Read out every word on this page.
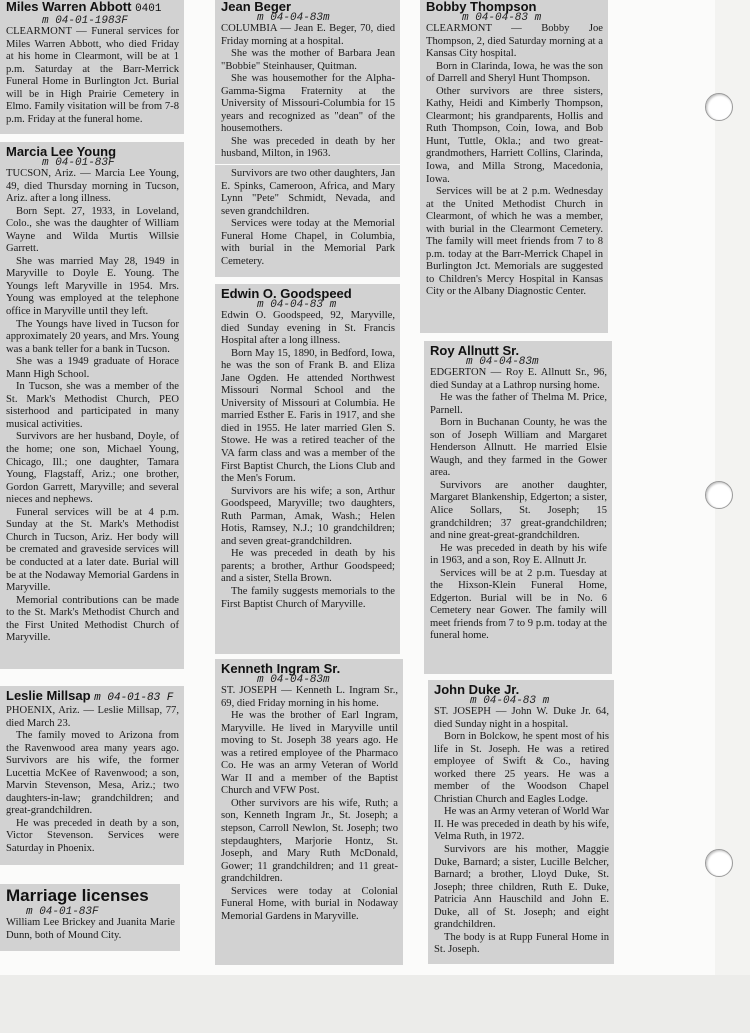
Miles Warren Abbott 0401
m 04-01-1983F

CLEARMONT — Funeral services for Miles Warren Abbott, who died Friday at his home in Clearmont, will be at 1 p.m. Saturday at the Barr-Merrick Funeral Home in Burlington Jct. Burial will be in High Prairie Cemetery in Elmo. Family visitation will be from 7-8 p.m. Friday at the funeral home.

Marcia Lee Young
m 04-01-83F

TUCSON, Ariz. — Marcia Lee Young, 49, died Thursday morning in Tucson, Ariz. after a long illness.

Born Sept. 27, 1933, in Loveland, Colo., she was the daughter of William Wayne and Wilda Murtis Willsie Garrett.

She was married May 28, 1949 in Maryville to Doyle E. Young. The Youngs left Maryville in 1954. Mrs. Young was employed at the telephone office in Maryville until they left.

The Youngs have lived in Tucson for approximately 20 years, and Mrs. Young was a bank teller for a bank in Tucson.

She was a 1949 graduate of Horace Mann High School.

In Tucson, she was a member of the St. Mark's Methodist Church, PEO sisterhood and participated in many musical activities.

Survivors are her husband, Doyle, of the home; one son, Michael Young, Chicago, Ill.; one daughter, Tamara Young, Flagstaff, Ariz.; one brother, Gordon Garrett, Maryville; and several nieces and nephews.

Funeral services will be at 4 p.m. Sunday at the St. Mark's Methodist Church in Tucson, Ariz. Her body will be cremated and graveside services will be conducted at a later date. Burial will be at the Nodaway Memorial Gardens in Maryville.

Memorial contributions can be made to the St. Mark's Methodist Church and the First United Methodist Church of Maryville.

Leslie Millsap m 04-01-83 F

PHOENIX, Ariz. — Leslie Millsap, 77, died March 23.

The family moved to Arizona from the Ravenwood area many years ago. Survivors are his wife, the former Lucettia McKee of Ravenwood; a son, Marvin Stevenson, Mesa, Ariz.; two daughters-in-law; grandchildren; and great-grandchildren.

He was preceded in death by a son, Victor Stevenson. Services were Saturday in Phoenix.

Marriage licenses
m 04-01-83F

William Lee Brickey and Juanita Marie Dunn, both of Mound City.

Jean Beger
m 04-04-83m

COLUMBIA — Jean E. Beger, 70, died Friday morning at a hospital.

She was the mother of Barbara Jean "Bobbie" Steinhauser, Quitman.

She was housemother for the Alpha-Gamma-Sigma Fraternity at the University of Missouri-Columbia for 15 years and recognized as "dean" of the housemothers.

She was preceded in death by her husband, Milton, in 1963.

Survivors are two other daughters, Jan E. Spinks, Cameroon, Africa, and Mary Lynn "Pete" Schmidt, Nevada, and seven grandchildren.

Services were today at the Memorial Funeral Home Chapel, in Columbia, with burial in the Memorial Park Cemetery.

Edwin O. Goodspeed
m 04-04-83 m

Edwin O. Goodspeed, 92, Maryville, died Sunday evening in St. Francis Hospital after a long illness.

Born May 15, 1890, in Bedford, Iowa, he was the son of Frank B. and Eliza Jane Ogden. He attended Northwest Missouri Normal School and the University of Missouri at Columbia. He married Esther E. Faris in 1917, and she died in 1955. He later married Glen S. Stowe. He was a retired teacher of the VA farm class and was a member of the First Baptist Church, the Lions Club and the Men's Forum.

Survivors are his wife; a son, Arthur Goodspeed, Maryville; two daughters, Ruth Parman, Amak, Wash.; Helen Hotis, Ramsey, N.J.; 10 grandchildren; and seven great-grandchildren.

He was preceded in death by his parents; a brother, Arthur Goodspeed; and a sister, Stella Brown.

The family suggests memorials to the First Baptist Church of Maryville.

Kenneth Ingram Sr.
m 04-04-83m

ST. JOSEPH — Kenneth L. Ingram Sr., 69, died Friday morning in his home.

He was the brother of Earl Ingram, Maryville. He lived in Maryville until moving to St. Joseph 38 years ago. He was a retired employee of the Pharmaco Co. He was an army Veteran of World War II and a member of the Baptist Church and VFW Post.

Other survivors are his wife, Ruth; a son, Kenneth Ingram Jr., St. Joseph; a stepson, Carroll Newlon, St. Joseph; two stepdaughters, Marjorie Hontz, St. Joseph, and Mary Ruth McDonald, Gower; 11 grandchildren; and 11 great-grandchildren.

Services were today at Colonial Funeral Home, with burial in Nodaway Memorial Gardens in Maryville.

Bobby Thompson
m 04-04-83 m

CLEARMONT — Bobby Joe Thompson, 2, died Saturday morning at a Kansas City hospital.

Born in Clarinda, Iowa, he was the son of Darrell and Sheryl Hunt Thompson.

Other survivors are three sisters, Kathy, Heidi and Kimberly Thompson, Clearmont; his grandparents, Hollis and Ruth Thompson, Coin, Iowa, and Bob Hunt, Tuttle, Okla.; and two great-grandmothers, Harriett Collins, Clarinda, Iowa, and Milla Strong, Macedonia, Iowa.

Services will be at 2 p.m. Wednesday at the United Methodist Church in Clearmont, of which he was a member, with burial in the Clearmont Cemetery. The family will meet friends from 7 to 8 p.m. today at the Barr-Merrick Chapel in Burlington Jct. Memorials are suggested to Children's Mercy Hospital in Kansas City or the Albany Diagnostic Center.

Roy Allnutt Sr.
m 04-04-83m

EDGERTON — Roy E. Allnutt Sr., 96, died Sunday at a Lathrop nursing home.

He was the father of Thelma M. Price, Parnell.

Born in Buchanan County, he was the son of Joseph William and Margaret Henderson Allnutt. He married Elsie Waugh, and they farmed in the Gower area.

Survivors are another daughter, Margaret Blankenship, Edgerton; a sister, Alice Sollars, St. Joseph; 15 grandchildren; 37 great-grandchildren; and nine great-great-grandchildren.

He was preceded in death by his wife in 1963, and a son, Roy E. Allnutt Jr.

Services will be at 2 p.m. Tuesday at the Hixson-Klein Funeral Home, Edgerton. Burial will be in No. 6 Cemetery near Gower. The family will meet friends from 7 to 9 p.m. today at the funeral home.

John Duke Jr.
m 04-04-83 m

ST. JOSEPH — John W. Duke Jr. 64, died Sunday night in a hospital.

Born in Bolckow, he spent most of his life in St. Joseph. He was a retired employee of Swift & Co., having worked there 25 years. He was a member of the Woodson Chapel Christian Church and Eagles Lodge.

He was an Army veteran of World War II. He was preceded in death by his wife, Velma Ruth, in 1972.

Survivors are his mother, Maggie Duke, Barnard; a sister, Lucille Belcher, Barnard; a brother, Lloyd Duke, St. Joseph; three children, Ruth E. Duke, Patricia Ann Hauschild and John E. Duke, all of St. Joseph; and eight grandchildren.

The body is at Rupp Funeral Home in St. Joseph.
